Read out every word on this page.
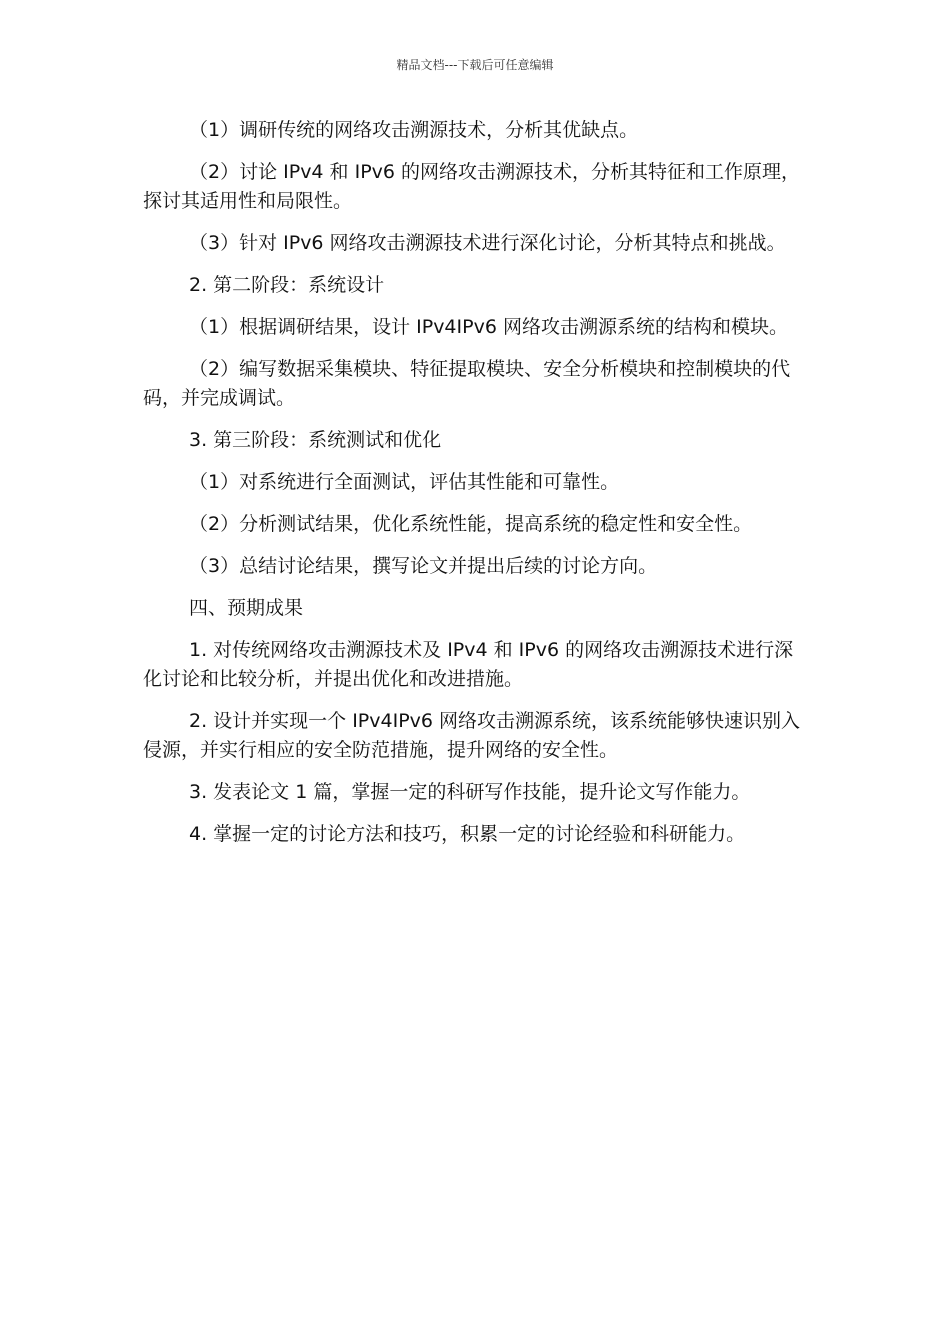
精品文档---下载后可任意编辑

（1）调研传统的网络攻击溯源技术，分析其优缺点。

（2）讨论 IPv4 和 IPv6 的网络攻击溯源技术，分析其特征和工作原理，探讨其适用性和局限性。

（3）针对 IPv6 网络攻击溯源技术进行深化讨论，分析其特点和挑战。

2. 第二阶段：系统设计

（1）根据调研结果，设计 IPv4IPv6 网络攻击溯源系统的结构和模块。

（2）编写数据采集模块、特征提取模块、安全分析模块和控制模块的代码，并完成调试。

3. 第三阶段：系统测试和优化

（1）对系统进行全面测试，评估其性能和可靠性。

（2）分析测试结果，优化系统性能，提高系统的稳定性和安全性。

（3）总结讨论结果，撰写论文并提出后续的讨论方向。

四、预期成果

1. 对传统网络攻击溯源技术及 IPv4 和 IPv6 的网络攻击溯源技术进行深化讨论和比较分析，并提出优化和改进措施。

2. 设计并实现一个 IPv4IPv6 网络攻击溯源系统，该系统能够快速识别入侵源，并实行相应的安全防范措施，提升网络的安全性。

3. 发表论文 1 篇，掌握一定的科研写作技能，提升论文写作能力。

4. 掌握一定的讨论方法和技巧，积累一定的讨论经验和科研能力。
